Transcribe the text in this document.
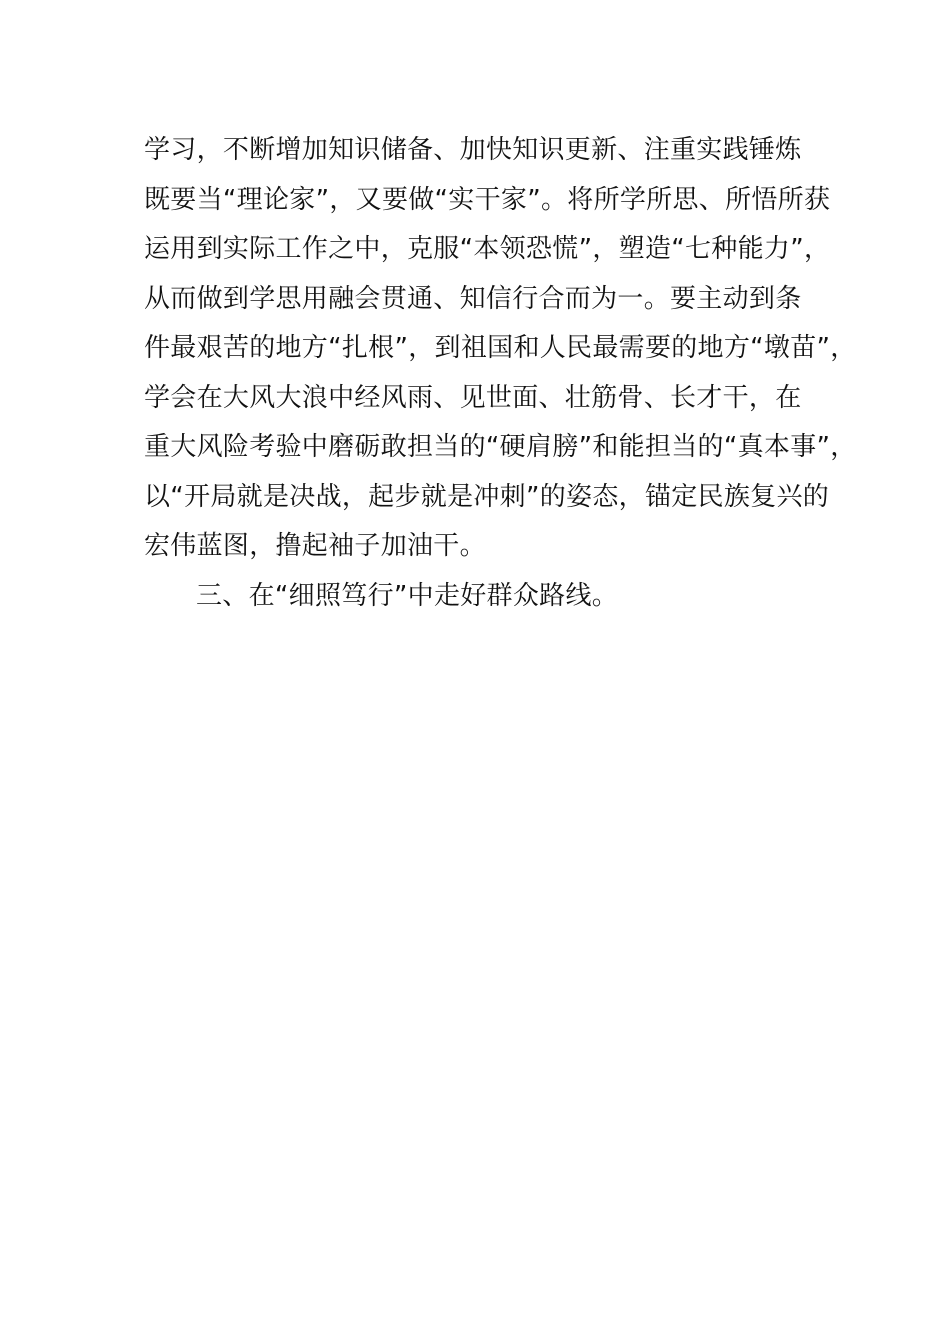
学习，不断增加知识储备、加快知识更新、注重实践锤炼
既要当“理论家”，又要做“实干家”。将所学所思、所悟所获
运用到实际工作之中，克服“本领恐慌”，塑造“七种能力”，
从而做到学思用融会贯通、知信行合而为一。要主动到条
件最艰苦的地方“扎根”，到祖国和人民最需要的地方“墩苗”，
学会在大风大浪中经风雨、见世面、壮筋骨、长才干，在
重大风险考验中磨砺敢担当的“硬肩膀”和能担当的“真本事”，
以“开局就是决战，起步就是冲刺”的姿态，锚定民族复兴的
宏伟蓝图，撸起袖子加油干。
三、在“细照笃行”中走好群众路线。
